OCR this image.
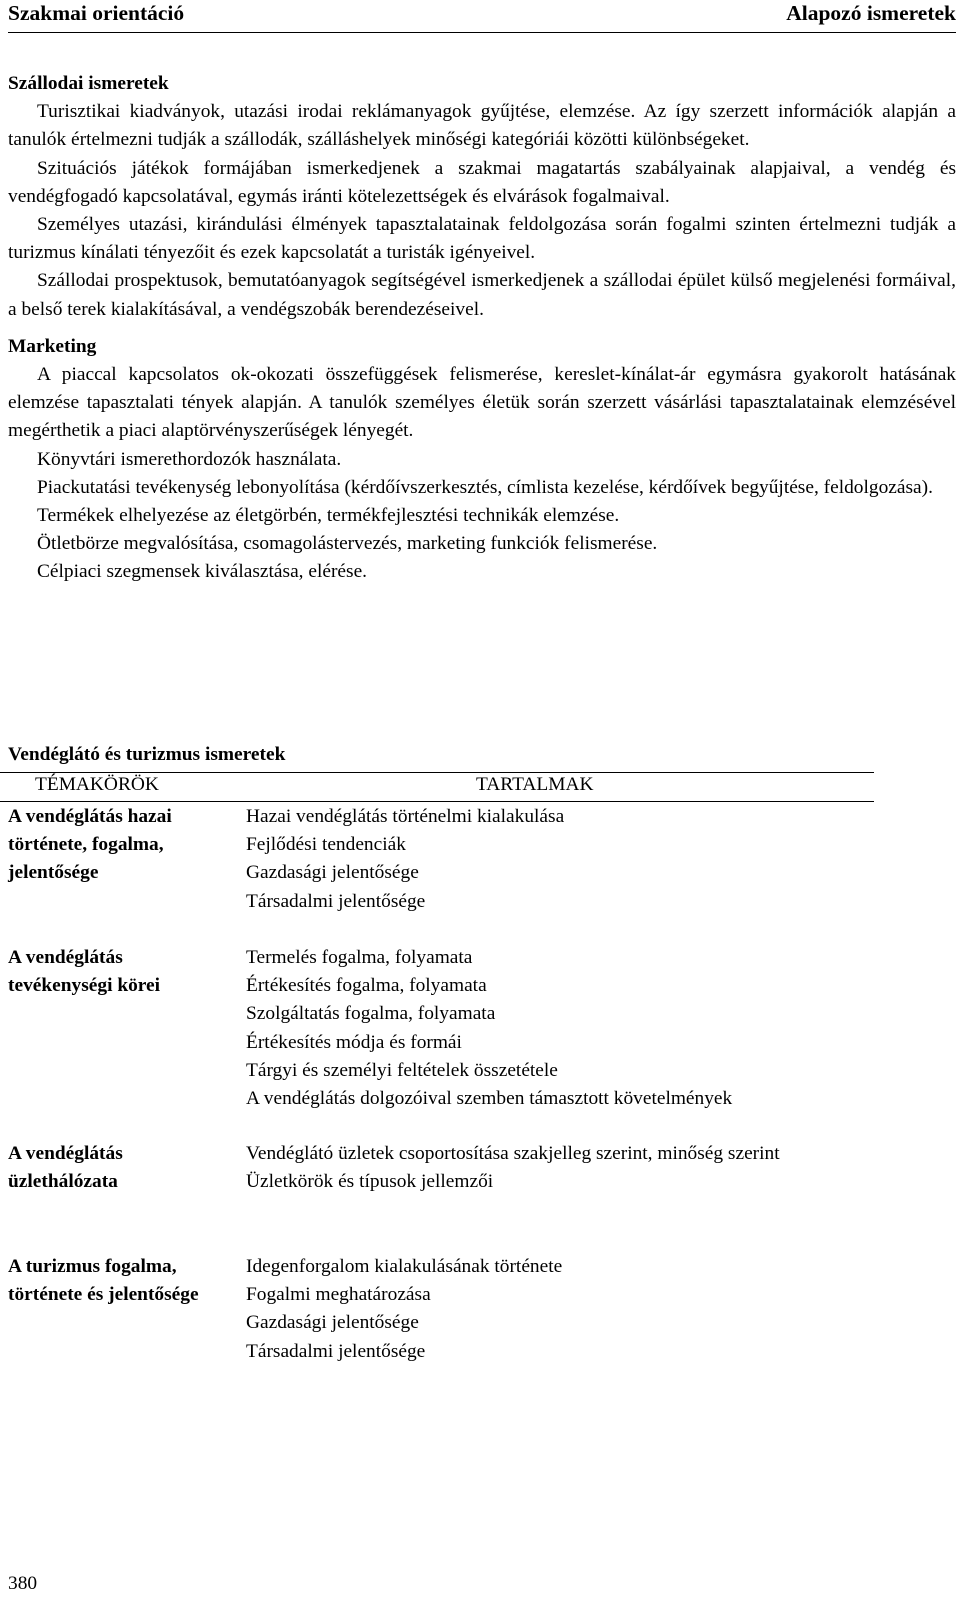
Szakmai orientáció	Alapozó ismeretek
Szállodai ismeretek

Turisztikai kiadványok, utazási irodai reklámanyagok gyűjtése, elemzése. Az így szerzett információk alapján a tanulók értelmezni tudják a szállodák, szálláshelyek minőségi kategóriái közötti különbségeket.

Szituációs játékok formájában ismerkedjenek a szakmai magatartás szabályainak alapjaival, a vendég és vendégfogadó kapcsolatával, egymás iránti kötelezettségek és elvárások fogalmaival.

Személyes utazási, kirándulási élmények tapasztalatainak feldolgozása során fogalmi szinten értelmezni tudják a turizmus kínálati tényezőit és ezek kapcsolatát a turisták igényeivel.

Szállodai prospektusok, bemutatóanyagok segítségével ismerkedjenek a szállodai épület külső megjelenési formáival, a belső terek kialakításával, a vendégszobák berendezéseivel.

Marketing

A piaccal kapcsolatos ok-okozati összefüggések felismerése, kereslet-kínálat-ár egymásra gyakorolt hatásának elemzése tapasztalati tények alapján. A tanulók személyes életük során szerzett vásárlási tapasztalatainak elemzésével megérthetik a piaci alaptörvényszerűségek lényegét.

Könyvtári ismerethordozók használata.

Piackutatási tevékenység lebonyolítása (kérdőívszerkesztés, címlista kezelése, kérdőívek begyűjtése, feldolgozása).

Termékek elhelyezése az életgörbén, termékfejlesztési technikák elemzése.

Ötletbörze megvalósítása, csomagolástervezés, marketing funkciók felismerése.

Célpiaci szegmensek kiválasztása, elérése.

Vendéglátó és turizmus ismeretek
TÉMAKÖRÖK	TARTALMAK
A vendéglátás hazai története, fogalma, jelentősége
Hazai vendéglátás történelmi kialakulása
Fejlődési tendenciák
Gazdasági jelentősége
Társadalmi jelentősége
A vendéglátás tevékenységi körei
Termelés fogalma, folyamata
Értékesítés fogalma, folyamata
Szolgáltatás fogalma, folyamata
Értékesítés módja és formái
Tárgyi és személyi feltételek összetétele
A vendéglátás dolgozóival szemben támasztott követelmények
A vendéglátás üzlethálózata
Vendéglátó üzletek csoportosítása szakjelleg szerint, minőség szerint
Üzletkörök és típusok jellemzői
A turizmus fogalma, története és jelentősége
Idegenforgalom kialakulásának története
Fogalmi meghatározása
Gazdasági jelentősége
Társadalmi jelentősége
380
